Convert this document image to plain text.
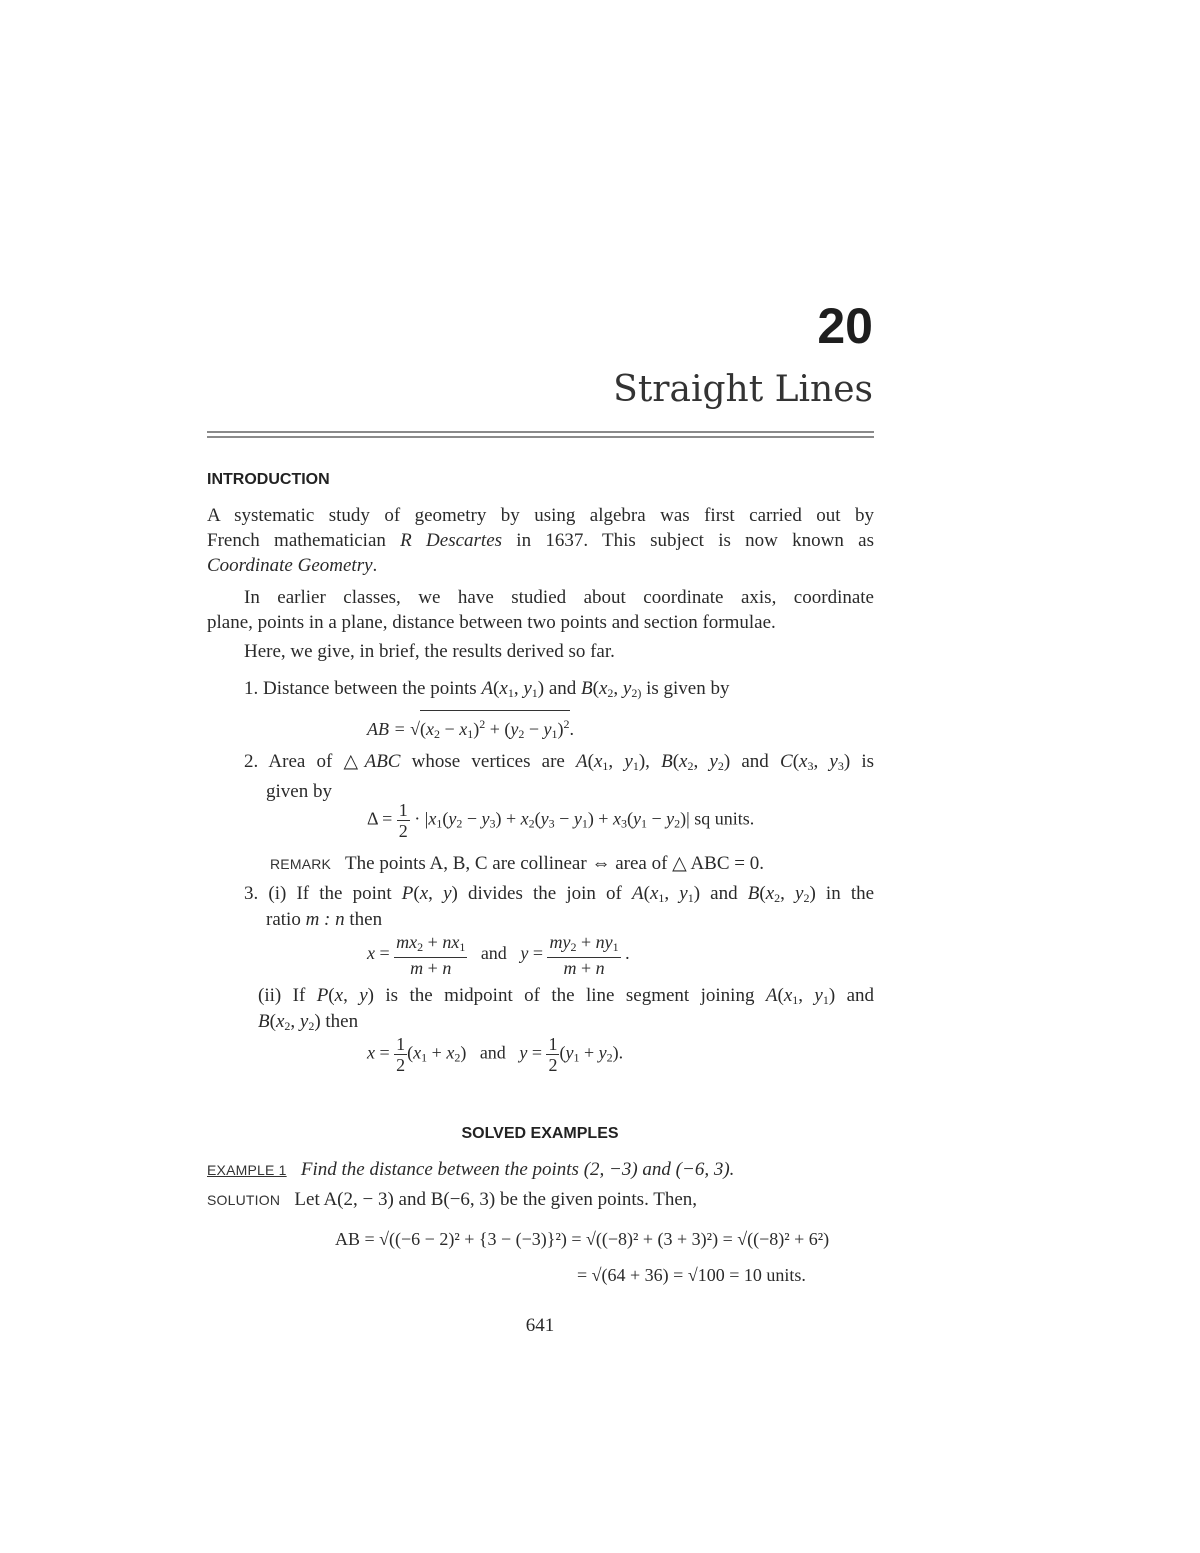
20
Straight Lines
INTRODUCTION
A systematic study of geometry by using algebra was first carried out by
French mathematician R Descartes in 1637. This subject is now known as
Coordinate Geometry.
In earlier classes, we have studied about coordinate axis, coordinate
plane, points in a plane, distance between two points and section formulae.
Here, we give, in brief, the results derived so far.
1. Distance between the points $A(x_1$, $y_1$) and $B(x_2$, $y_{2)}$ is given by
AB = $√(x_2 - x_1)^2 + (y_2 - y_1)^2$.
2. Area of △ABC whose vertices are $A(x_1$, $y_1$), $B(x_2$, $y_2$) and $C(x_3$, $y_3$) is
given by
$\Delta = \frac{1}{2} \cdot |x_1(y_2 - y_3) + x_2(y_3 - y_1) + x_3(y_1 - y_2)|$ sq units.
REMARK The points A, B, C are collinear ⇔ area of △ ABC = 0.
3. (i) If the point P(x, y) divides the join of $A(x_1$, $y_1$) and $B(x_2$, $y_2$) in the
ratio m : n then
$x = \frac{mx_2 + nx_1}{m + n}$ and $y = \frac{my_2 + ny_1}{m + n}$ .
(ii) If P(x, y) is the midpoint of the line segment joining $A(x_1$, $y_1$) and
$B(x_2$, $y_2$) then
$x = \frac{1}{2} (x_1 + x_2)$   and $y = \frac{1}{2} (y_1 + y_2)$.
SOLVED EXAMPLES
EXAMPLE 1 Find the distance between the points (2, −3) and (−6, 3).
SOLUTION Let A(2, − 3) and B(−6, 3) be the given points. Then,
AB = √((−6 − 2)² + {3 − (−3)}²) = √((−8)² + (3 + 3)²) = √((−8)² + 6²)
= √(64 + 36) = √100 = 10 units.
641
